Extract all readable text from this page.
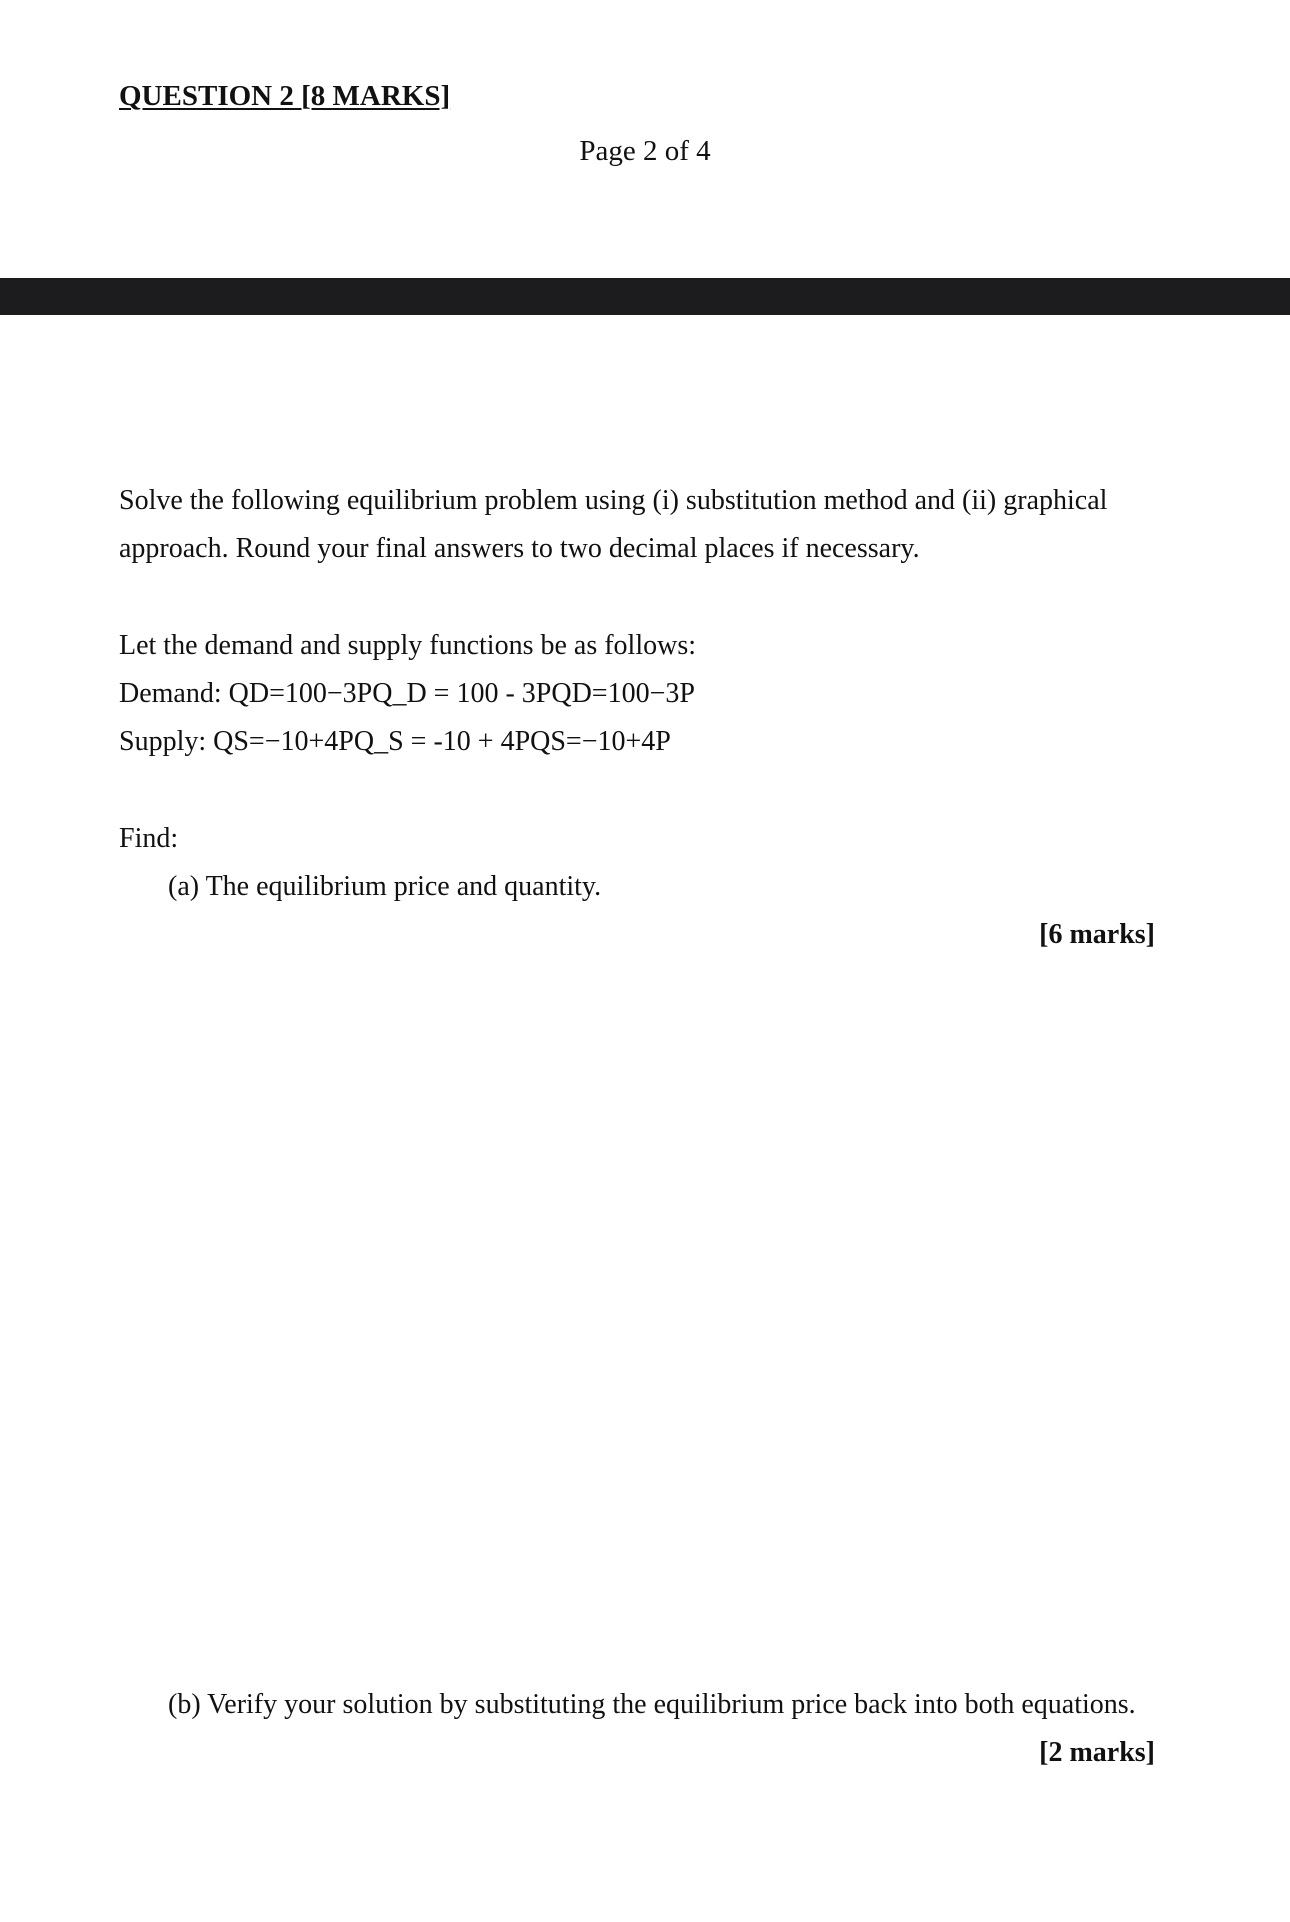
QUESTION 2 [8 MARKS]
Page 2 of 4
Solve the following equilibrium problem using (i) substitution method and (ii) graphical
approach. Round your final answers to two decimal places if necessary.
Let the demand and supply functions be as follows:
Demand: QD=100−3PQ_D = 100 - 3PQD=100−3P
Supply: QS=−10+4PQ_S = -10 + 4PQS=−10+4P
Find:
(a) The equilibrium price and quantity.
[6 marks]
(b) Verify your solution by substituting the equilibrium price back into both equations.
[2 marks]
